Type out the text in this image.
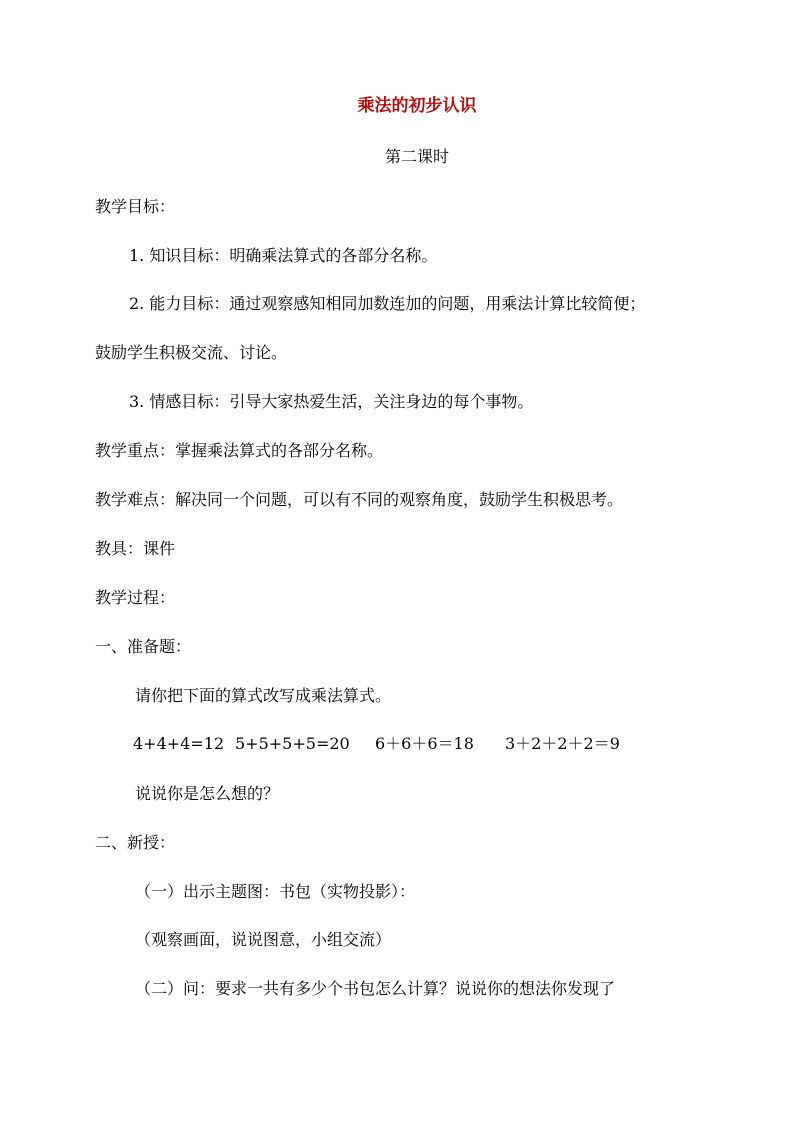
乘法的初步认识
第二课时
教学目标：
1. 知识目标：明确乘法算式的各部分名称。
2. 能力目标：通过观察感知相同加数连加的问题，用乘法计算比较简便；
鼓励学生积极交流、讨论。
3. 情感目标：引导大家热爱生活，关注身边的每个事物。
教学重点：掌握乘法算式的各部分名称。
教学难点：解决同一个问题，可以有不同的观察角度，鼓励学生积极思考。
教具：课件
教学过程：
一、准备题：
请你把下面的算式改写成乘法算式。
4+4+4=12 5+5+5+5=20 6＋6＋6＝18 3＋2＋2＋2＝9
说说你是怎么想的？
二、新授：
（一）出示主题图：书包（实物投影）：
（观察画面，说说图意，小组交流）
（二）问：要求一共有多少个书包怎么计算？说说你的想法你发现了
